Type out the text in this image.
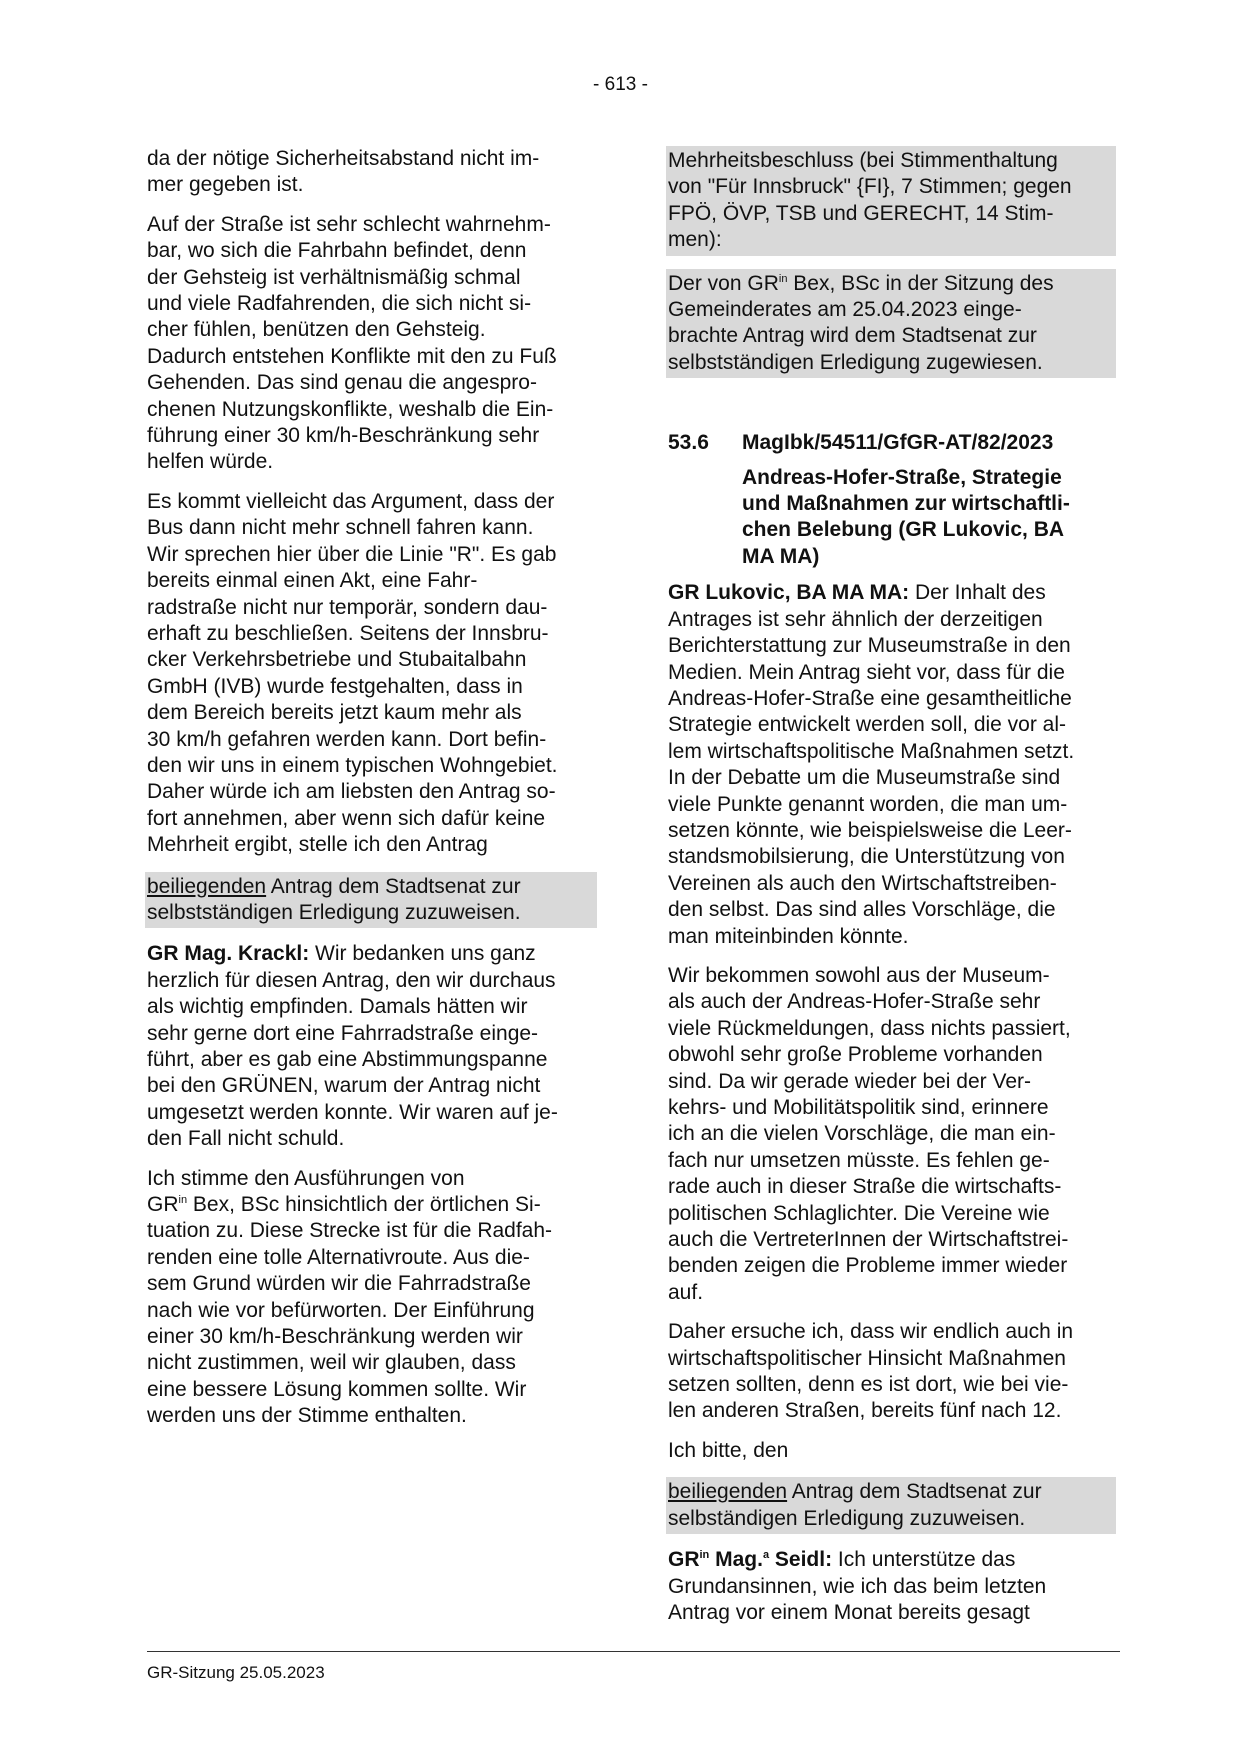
- 613 -

da der nötige Sicherheitsabstand nicht im-
mer gegeben ist.

Auf der Straße ist sehr schlecht wahrnehm-
bar, wo sich die Fahrbahn befindet, denn
der Gehsteig ist verhältnismäßig schmal
und viele Radfahrenden, die sich nicht si-
cher fühlen, benützen den Gehsteig.
Dadurch entstehen Konflikte mit den zu Fuß
Gehenden. Das sind genau die angespro-
chenen Nutzungskonflikte, weshalb die Ein-
führung einer 30 km/h-Beschränkung sehr
helfen würde.

Es kommt vielleicht das Argument, dass der
Bus dann nicht mehr schnell fahren kann.
Wir sprechen hier über die Linie "R". Es gab
bereits einmal einen Akt, eine Fahr-
radstraße nicht nur temporär, sondern dau-
erhaft zu beschließen. Seitens der Innsbru-
cker Verkehrsbetriebe und Stubaitalbahn
GmbH (IVB) wurde festgehalten, dass in
dem Bereich bereits jetzt kaum mehr als
30 km/h gefahren werden kann. Dort befin-
den wir uns in einem typischen Wohngebiet.
Daher würde ich am liebsten den Antrag so-
fort annehmen, aber wenn sich dafür keine
Mehrheit ergibt, stelle ich den Antrag

beiliegenden Antrag dem Stadtsenat zur
selbstständigen Erledigung zuzuweisen.

GR Mag. Krackl: Wir bedanken uns ganz
herzlich für diesen Antrag, den wir durchaus
als wichtig empfinden. Damals hätten wir
sehr gerne dort eine Fahrradstraße einge-
führt, aber es gab eine Abstimmungspanne
bei den GRÜNEN, warum der Antrag nicht
umgesetzt werden konnte. Wir waren auf je-
den Fall nicht schuld.

Ich stimme den Ausführungen von
$GR^{in}$ Bex, BSc hinsichtlich der örtlichen Si-
tuation zu. Diese Strecke ist für die Radfah-
renden eine tolle Alternativroute. Aus die-
sem Grund würden wir die Fahrradstraße
nach wie vor befürworten. Der Einführung
einer 30 km/h-Beschränkung werden wir
nicht zustimmen, weil wir glauben, dass
eine bessere Lösung kommen sollte. Wir
werden uns der Stimme enthalten.

Mehrheitsbeschluss (bei Stimmenthaltung
von "Für Innsbruck" {FI}, 7 Stimmen; gegen
FPÖ, ÖVP, TSB und GERECHT, 14 Stim-
men):

Der von $GR^{in}$ Bex, BSc in der Sitzung des
Gemeinderates am 25.04.2023 einge-
brachte Antrag wird dem Stadtsenat zur
selbstständigen Erledigung zugewiesen.

53.6 MagIbk/54511/GfGR-AT/82/2023

Andreas-Hofer-Straße, Strategie
und Maßnahmen zur wirtschaftli-
chen Belebung (GR Lukovic, BA
MA MA)

GR Lukovic, BA MA MA: Der Inhalt des
Antrages ist sehr ähnlich der derzeitigen
Berichterstattung zur Museumstraße in den
Medien. Mein Antrag sieht vor, dass für die
Andreas-Hofer-Straße eine gesamtheitliche
Strategie entwickelt werden soll, die vor al-
lem wirtschaftspolitische Maßnahmen setzt.
In der Debatte um die Museumstraße sind
viele Punkte genannt worden, die man um-
setzen könnte, wie beispielsweise die Leer-
standsmobilsierung, die Unterstützung von
Vereinen als auch den Wirtschaftstreiben-
den selbst. Das sind alles Vorschläge, die
man miteinbinden könnte.

Wir bekommen sowohl aus der Museum-
als auch der Andreas-Hofer-Straße sehr
viele Rückmeldungen, dass nichts passiert,
obwohl sehr große Probleme vorhanden
sind. Da wir gerade wieder bei der Ver-
kehrs- und Mobilitätspolitik sind, erinnere
ich an die vielen Vorschläge, die man ein-
fach nur umsetzen müsste. Es fehlen ge-
rade auch in dieser Straße die wirtschafts-
politischen Schlaglichter. Die Vereine wie
auch die VertreterInnen der Wirtschaftstrei-
benden zeigen die Probleme immer wieder
auf.

Daher ersuche ich, dass wir endlich auch in
wirtschaftspolitischer Hinsicht Maßnahmen
setzen sollten, denn es ist dort, wie bei vie-
len anderen Straßen, bereits fünf nach 12.

Ich bitte, den

beiliegenden Antrag dem Stadtsenat zur
selbständigen Erledigung zuzuweisen.

$GR^{in}$ Mag.$^a$ Seidl: Ich unterstütze das
Grundansinnen, wie ich das beim letzten
Antrag vor einem Monat bereits gesagt

GR-Sitzung 25.05.2023
